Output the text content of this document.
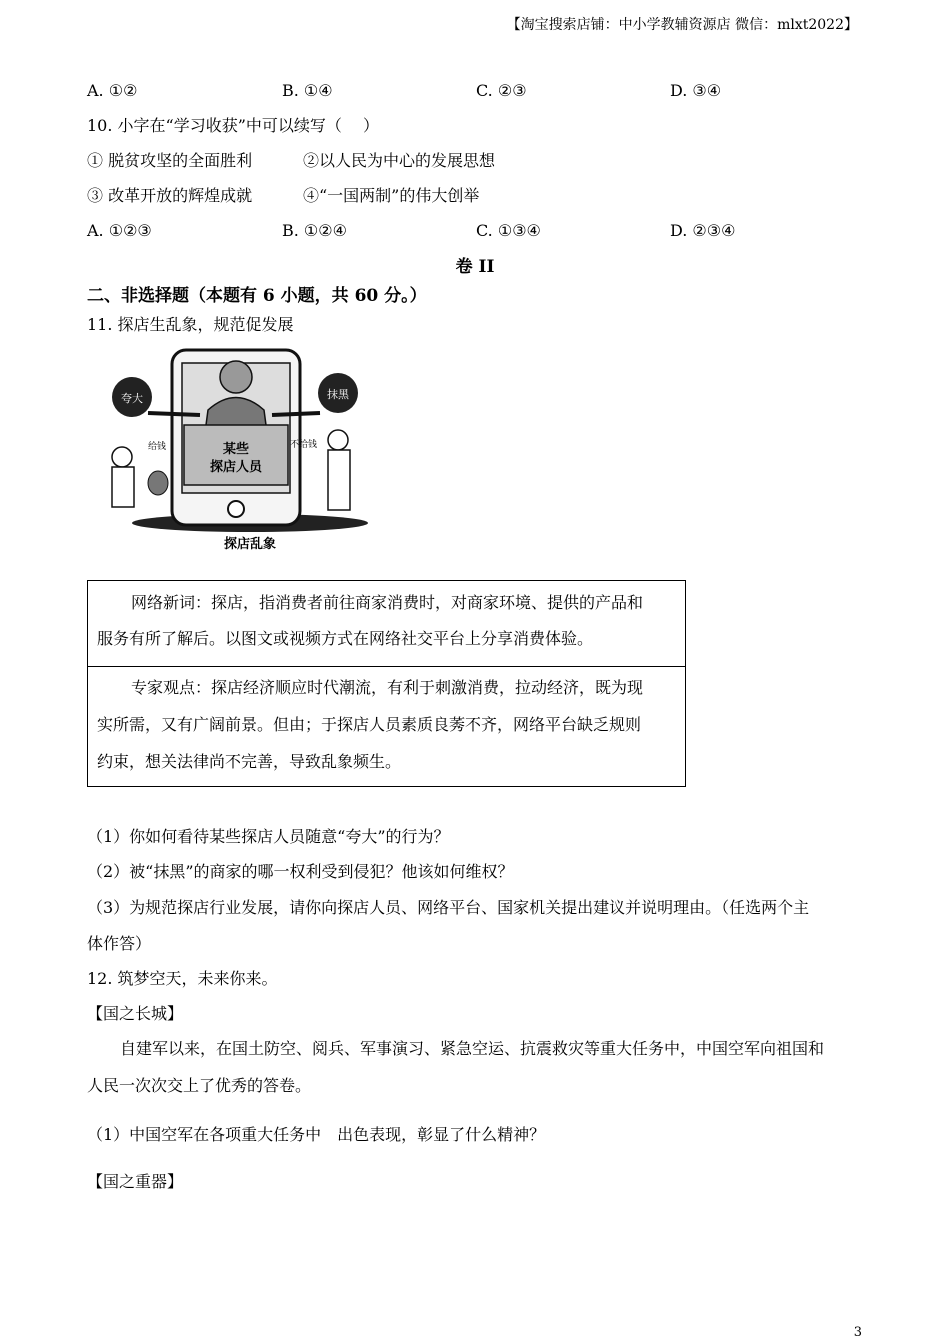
【淘宝搜索店铺：中小学教辅资源店 微信：mlxt2022】
A. ①②	B. ①④	C. ②③	D. ③④
10. 小字在“学习收获”中可以续写（　 ）
① 脱贫攻坚的全面胜利	②以人民为中心的发展思想
③ 改革开放的辉煌成就	④“一国两制”的伟大创举
A. ①②③	B. ①②④	C. ①③④	D. ②③④
卷 II
二、非选择题（本题有 6 小题，共 60 分。）
11. 探店生乱象，规范促发展
某些
探店人员
夸大	抹黑
给钱	不给钱
探店乱象
网络新词：探店，指消费者前往商家消费时，对商家环境、提供的产品和
服务有所了解后。以图文或视频方式在网络社交平台上分享消费体验。
专家观点：探店经济顺应时代潮流，有利于刺激消费，拉动经济，既为现
实所需，又有广阔前景。但由；于探店人员素质良莠不齐，网络平台缺乏规则
约束，想关法律尚不完善，导致乱象频生。
（1）你如何看待某些探店人员随意“夸大”的行为？
（2）被“抹黑”的商家的哪一权利受到侵犯？他该如何维权？
（3）为规范探店行业发展，请你向探店人员、网络平台、国家机关提出建议并说明理由。（任选两个主
体作答）
12. 筑梦空天，未来你来。
【国之长城】
自建军以来，在国土防空、阅兵、军事演习、紧急空运、抗震救灾等重大任务中，中国空军向祖国和
人民一次次交上了优秀的答卷。
（1）中国空军在各项重大任务中　出色表现，彰显了什么精神？
【国之重器】
3
